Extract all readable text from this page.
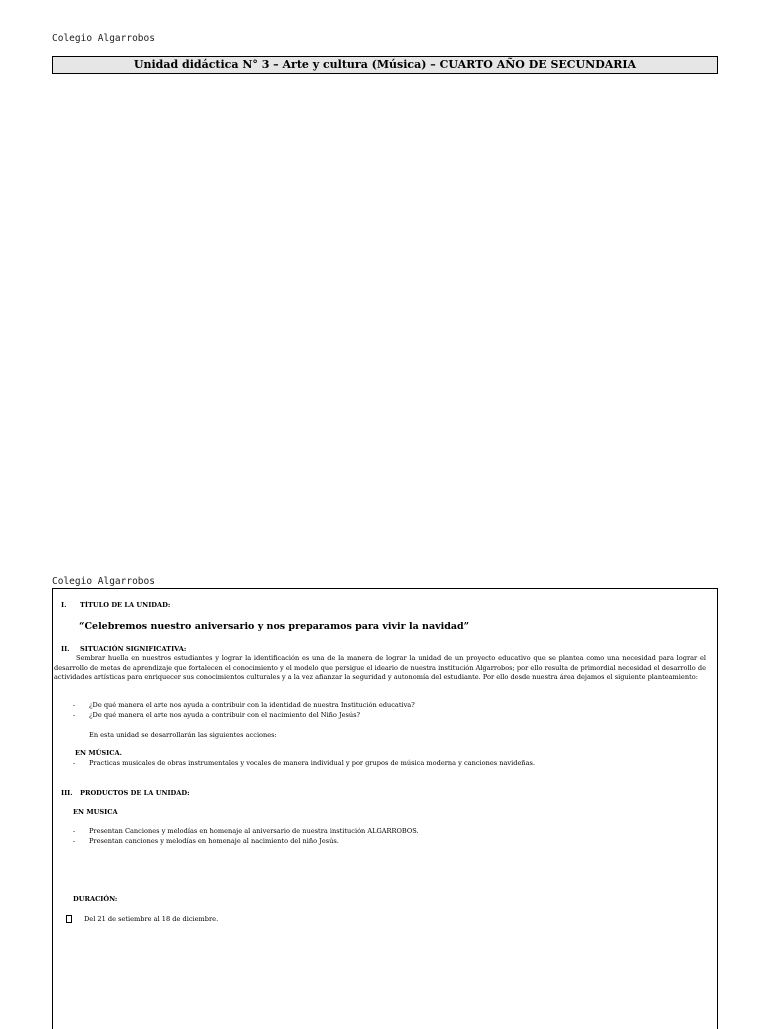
Colegio Algarrobos
Unidad didáctica N° 3 – Arte y cultura (Música) – CUARTO AÑO DE SECUNDARIA
Colegio Algarrobos
I. TÍTULO DE LA UNIDAD:
“Celebremos nuestro aniversario y nos preparamos para vivir la navidad”
II. SITUACIÓN SIGNIFICATIVA:
Sembrar huella en nuestros estudiantes y lograr la identificación es una de la manera de lograr la unidad de un proyecto educativo que se plantea como una necesidad para lograr el desarrollo de metas de aprendizaje que fortalecen el conocimiento y el modelo que persigue el ideario de nuestra institución Algarrobos; por ello resulta de primordial necesidad el desarrollo de actividades artísticas para enriquecer sus conocimientos culturales y a la vez afianzar la seguridad y autonomía del estudiante. Por ello desde nuestra área dejamos el siguiente planteamiento:
- ¿De qué manera el arte nos ayuda a contribuir con la identidad de nuestra Institución educativa?
- ¿De qué manera el arte nos ayuda a contribuir con el nacimiento del Niño Jesús?
En esta unidad se desarrollarán las siguientes acciones:
EN MÚSICA.
- Practicas musicales de obras instrumentales y vocales de manera individual y por grupos de música moderna y canciones navideñas.
III. PRODUCTOS DE LA UNIDAD:
EN MUSICA
- Presentan Canciones y melodías en homenaje al aniversario de nuestra institución ALGARROBOS.
- Presentan canciones y melodías en homenaje al nacimiento del niño Jesús.
DURACIÓN:
Del 21 de setiembre al 18 de diciembre.
